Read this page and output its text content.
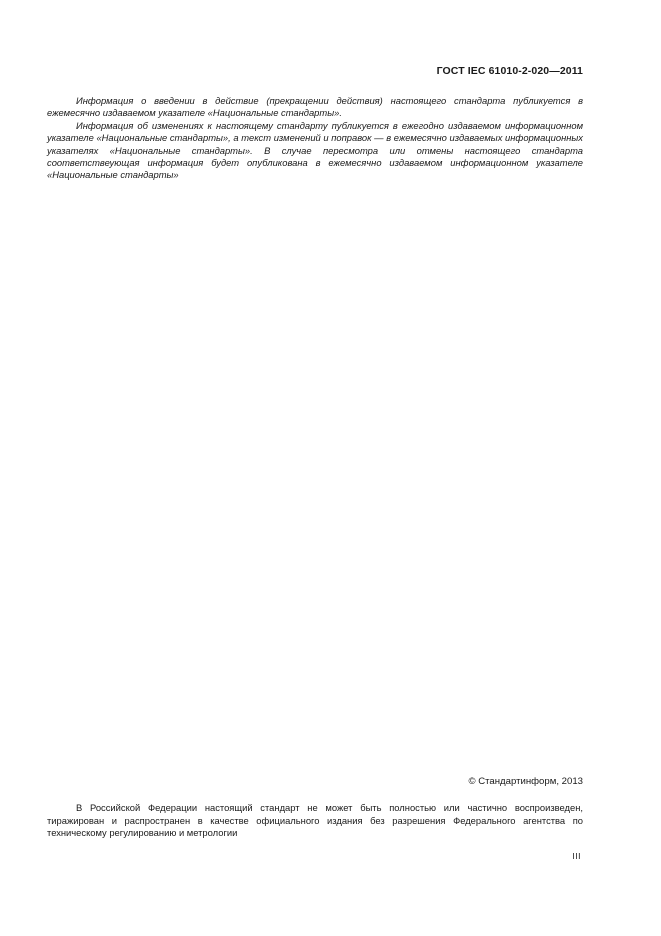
ГОСТ IEC 61010-2-020—2011

Информация о введении в действие (прекращении действия) настоящего стандарта публикуется в ежемесячно издаваемом указателе «Национальные стандарты».

Информация об изменениях к настоящему стандарту публикуется в ежегодно издаваемом информационном указателе «Национальные стандарты», а текст изменений и поправок — в ежемесячно издаваемых информационных указателях «Национальные стандарты». В случае пересмотра или отмены настоящего стандарта соответствеующая информация будет опубликована в ежемесячно издаваемом информационном указателе «Национальные стандарты»

© Стандартинформ, 2013

В Российской Федерации настоящий стандарт не может быть полностью или частично воспроизведен, тиражирован и распространен в качестве официального издания без разрешения Федерального агентства по техническому регулированию и метрологии

III
